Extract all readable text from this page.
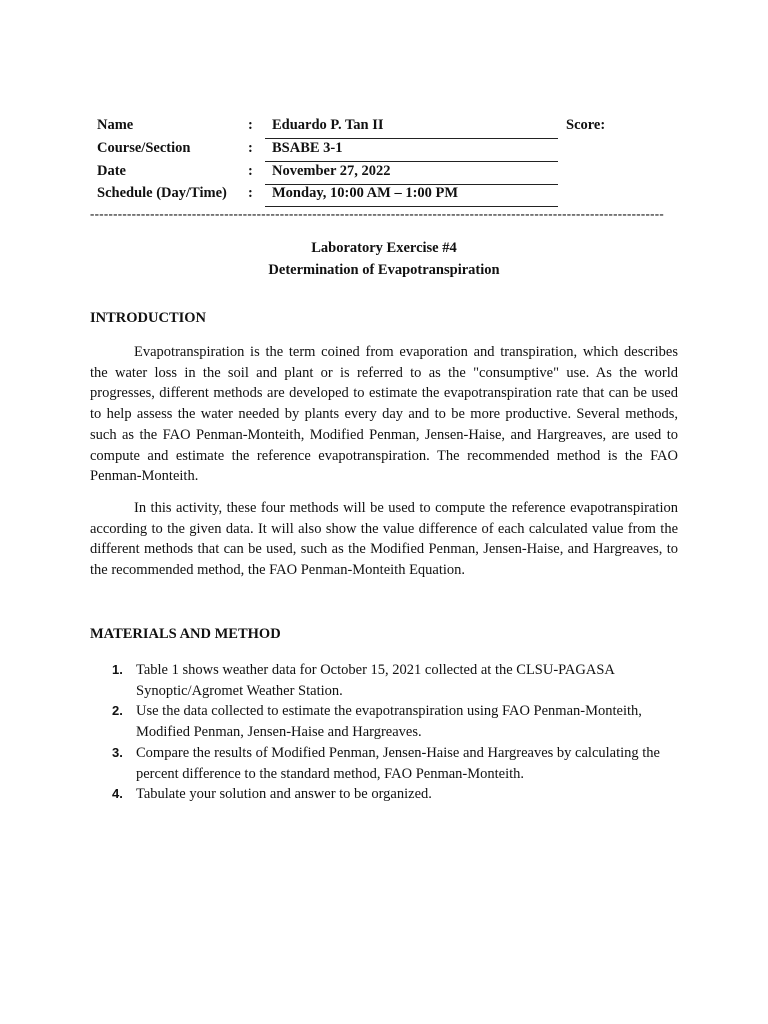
Name	:	Eduardo P. Tan II
Course/Section	:	BSABE 3-1
Date	:	November 27, 2022
Schedule (Day/Time) :	Monday, 10:00 AM – 1:00 PM
Score:
----------------------------------------------------------------------------------------------------------------------------
Laboratory Exercise #4
Determination of Evapotranspiration
INTRODUCTION

Evapotranspiration is the term coined from evaporation and transpiration, which describes the water loss in the soil and plant or is referred to as the "consumptive" use. As the world progresses, different methods are developed to estimate the evapotranspiration rate that can be used to help assess the water needed by plants every day and to be more productive. Several methods, such as the FAO Penman-Monteith, Modified Penman, Jensen-Haise, and Hargreaves, are used to compute and estimate the reference evapotranspiration. The recommended method is the FAO Penman-Monteith.

In this activity, these four methods will be used to compute the reference evapotranspiration according to the given data. It will also show the value difference of each calculated value from the different methods that can be used, such as the Modified Penman, Jensen-Haise, and Hargreaves, to the recommended method, the FAO Penman-Monteith Equation.

MATERIALS AND METHOD
1. Table 1 shows weather data for October 15, 2021 collected at the CLSU-PAGASA Synoptic/Agromet Weather Station.
2. Use the data collected to estimate the evapotranspiration using FAO Penman-Monteith, Modified Penman, Jensen-Haise and Hargreaves.
3. Compare the results of Modified Penman, Jensen-Haise and Hargreaves by calculating the percent difference to the standard method, FAO Penman-Monteith.
4. Tabulate your solution and answer to be organized.
